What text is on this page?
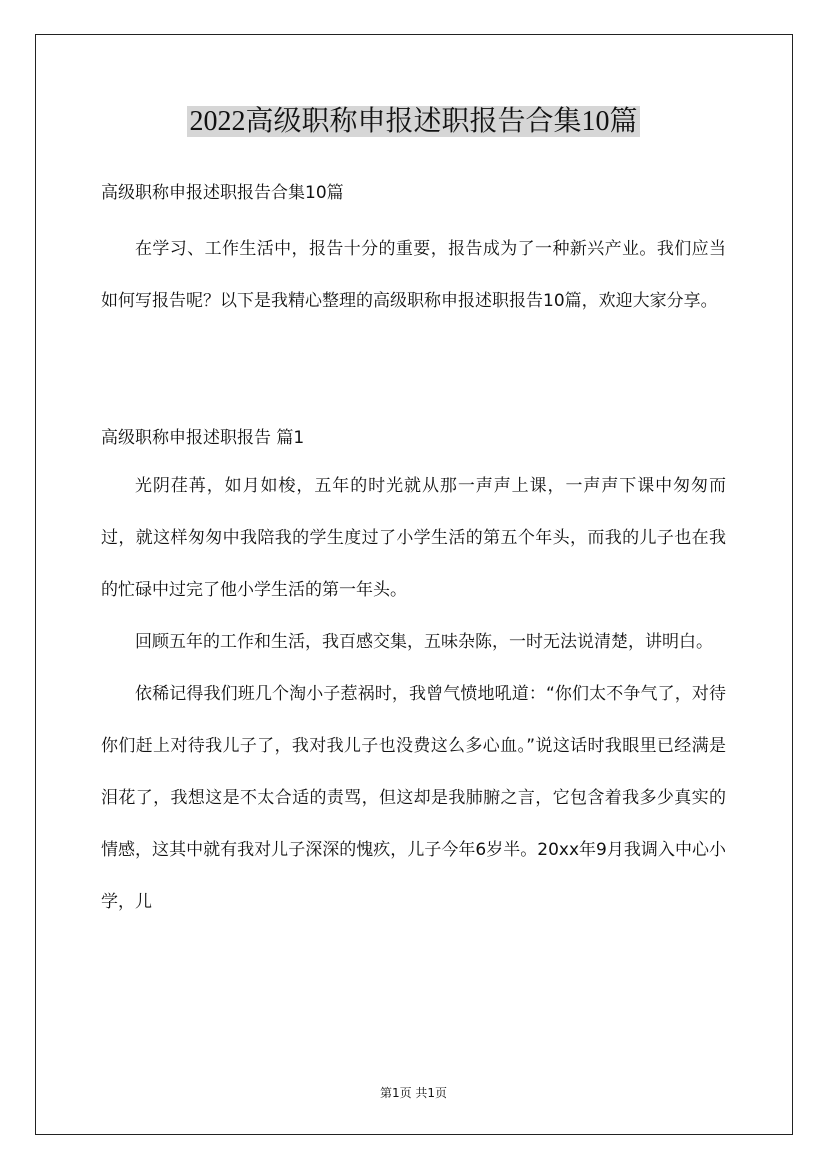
2022高级职称申报述职报告合集10篇
高级职称申报述职报告合集10篇

在学习、工作生活中，报告十分的重要，报告成为了一种新兴产业。我们应当如何写报告呢？以下是我精心整理的高级职称申报述职报告10篇，欢迎大家分享。

高级职称申报述职报告 篇1

光阴荏苒，如月如梭，五年的时光就从那一声声上课，一声声下课中匆匆而过，就这样匆匆中我陪我的学生度过了小学生活的第五个年头，而我的儿子也在我的忙碌中过完了他小学生活的第一年头。

回顾五年的工作和生活，我百感交集，五味杂陈，一时无法说清楚，讲明白。

依稀记得我们班几个淘小子惹祸时，我曾气愤地吼道：“你们太不争气了，对待你们赶上对待我儿子了，我对我儿子也没费这么多心血。”说这话时我眼里已经满是泪花了，我想这是不太合适的责骂，但这却是我肺腑之言，它包含着我多少真实的情感，这其中就有我对儿子深深的愧疚，儿子今年6岁半。20xx年9月我调入中心小学，儿

第1页 共1页
